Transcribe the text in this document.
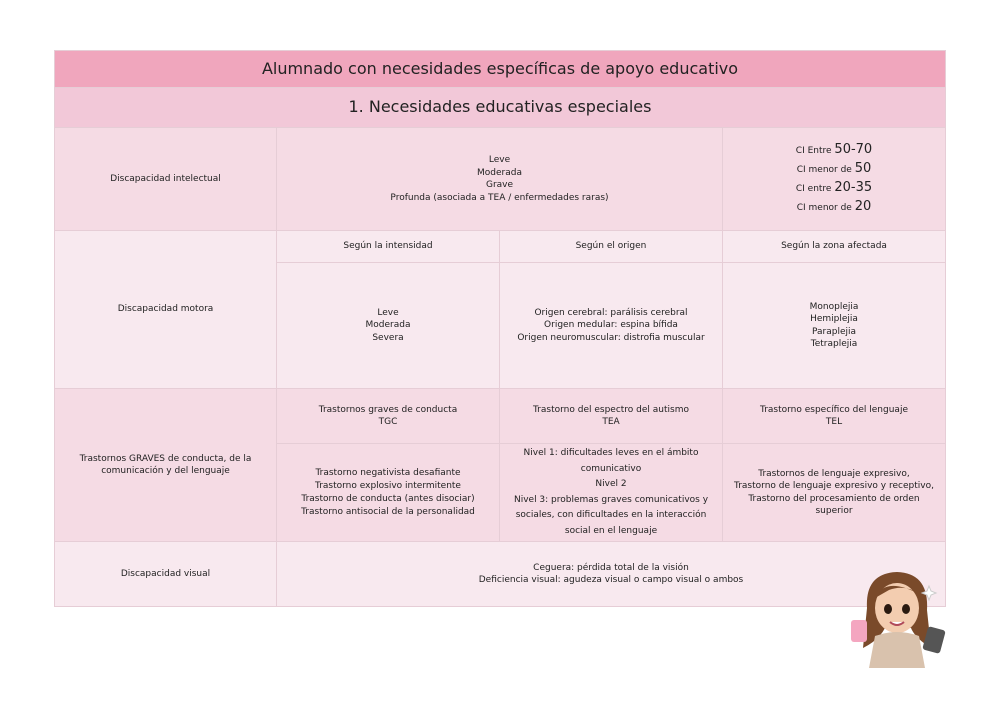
Alumnado con necesidades específicas de apoyo educativo
1. Necesidades educativas especiales
Discapacidad intelectual
Leve
Moderada
Grave
Profunda (asociada a TEA / enfermedades raras)
CI Entre 50-70
CI menor de 50
CI entre 20-35
CI menor de 20
Discapacidad motora
Según la intensidad	Según el origen	Según la zona afectada
Leve
Moderada
Severa
Origen cerebral: parálisis cerebral
Origen medular: espina bífida
Origen neuromuscular: distrofia muscular
Monoplejia
Hemiplejia
Paraplejia
Tetraplejia
Trastornos GRAVES de conducta, de la comunicación y del lenguaje
Trastornos graves de conducta
TGC
Trastorno del espectro del autismo
TEA
Trastorno específico del lenguaje
TEL
Trastorno negativista desafiante
Trastorno explosivo intermitente
Trastorno de conducta (antes disociar)
Trastorno antisocial de la personalidad
Nivel 1: dificultades leves en el ámbito comunicativo
Nivel 2
Nivel 3: problemas graves comunicativos y sociales, con dificultades en la interacción social en el lenguaje
Trastornos de lenguaje expresivo,
Trastorno de lenguaje expresivo y receptivo,
Trastorno del procesamiento de orden superior
Discapacidad visual
Ceguera: pérdida total de la visión
Deficiencia visual: agudeza visual o campo visual o ambos
